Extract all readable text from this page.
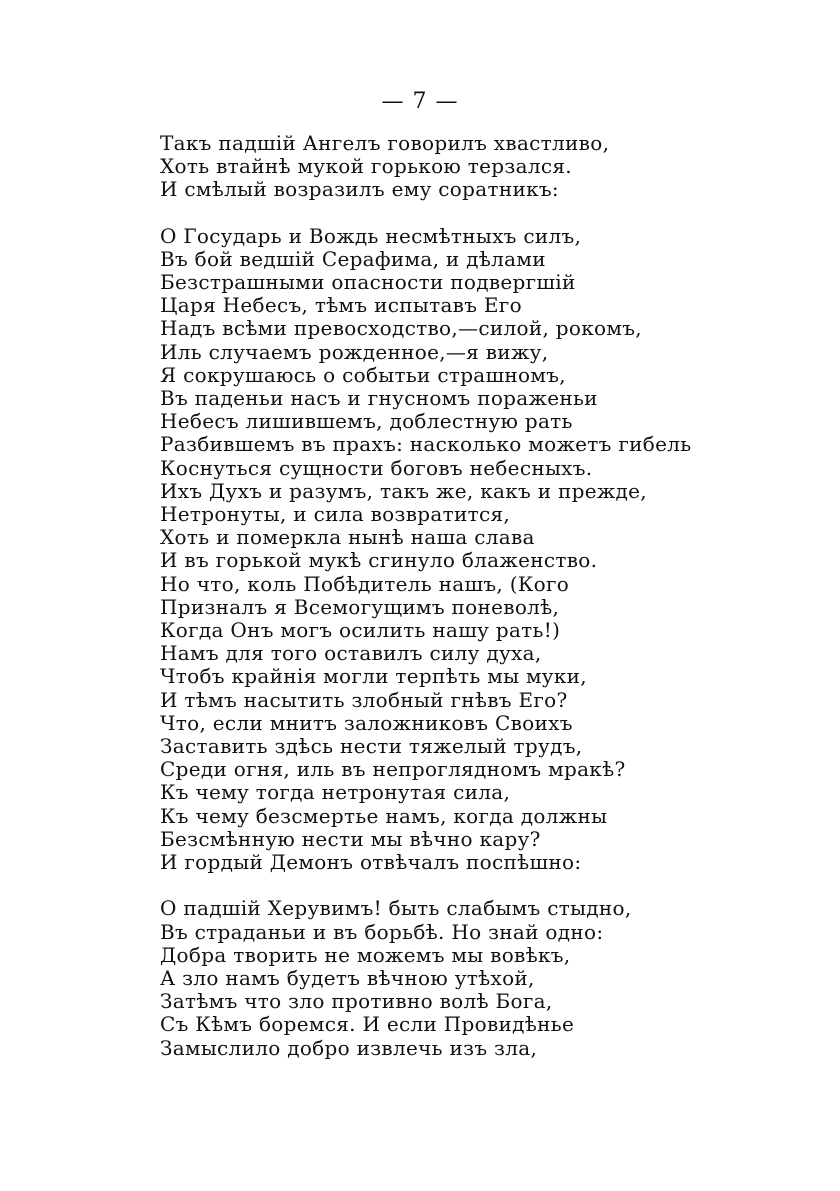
— 7 —
Такъ падшій Ангелъ говорилъ хвастливо,
Хоть втайнѣ мукой горькою терзался.
И смѣлый возразилъ ему соратникъ:
О Государь и Вождь несмѣтныхъ силъ,
Въ бой ведшій Серафима, и дѣлами
Безстрашными опасности подвергшій
Царя Небесъ, тѣмъ испытавъ Его
Надъ всѣми превосходство,—силой, рокомъ,
Иль случаемъ рожденное,—я вижу,
Я сокрушаюсь о событьи страшномъ,
Въ паденьи насъ и гнусномъ пораженьи
Небесъ лишившемъ, доблестную рать
Разбившемъ въ прахъ: насколько можетъ гибель
Коснуться сущности боговъ небесныхъ.
Ихъ Духъ и разумъ, такъ же, какъ и прежде,
Нетронуты, и сила возвратится,
Хоть и померкла нынѣ наша слава
И въ горькой мукѣ сгинуло блаженство.
Но что, коль Побѣдитель нашъ, (Кого
Призналъ я Всемогущимъ поневолѣ,
Когда Онъ могъ осилить нашу рать!)
Намъ для того оставилъ силу духа,
Чтобъ крайнія могли терпѣть мы муки,
И тѣмъ насытить злобный гнѣвъ Его?
Что, если мнитъ заложниковъ Своихъ
Заставить здѣсь нести тяжелый трудъ,
Среди огня, иль въ непроглядномъ мракѣ?
Къ чему тогда нетронутая сила,
Къ чему безсмертье намъ, когда должны
Безсмѣнную нести мы вѣчно кару?
И гордый Демонъ отвѣчалъ поспѣшно:
О падшій Херувимъ! быть слабымъ стыдно,
Въ страданьи и въ борьбѣ. Но знай одно:
Добра творить не можемъ мы вовѣкъ,
А зло намъ будетъ вѣчною утѣхой,
Затѣмъ что зло противно волѣ Бога,
Съ Кѣмъ боремся. И если Провидѣнье
Замыслило добро извлечь изъ зла,
